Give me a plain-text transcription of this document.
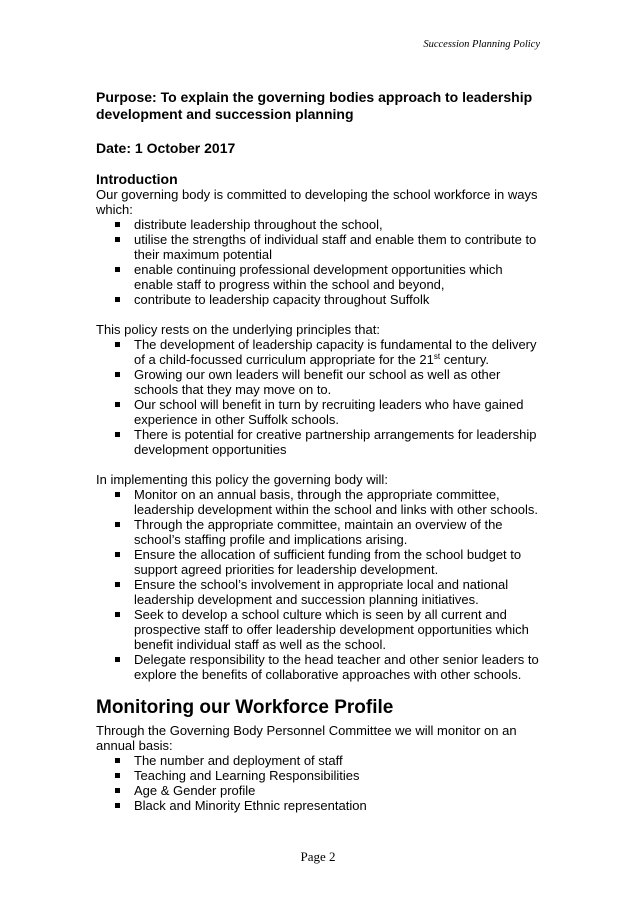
Succession Planning Policy

Purpose: To explain the governing bodies approach to leadership development and succession planning

Date: 1 October 2017

Introduction

Our governing body is committed to developing the school workforce in ways which:

distribute leadership throughout the school,
utilise the strengths of individual staff and enable them to contribute to their maximum potential
enable continuing professional development opportunities which enable staff to progress within the school and beyond,
contribute to leadership capacity throughout Suffolk

This policy rests on the underlying principles that:

The development of leadership capacity is fundamental to the delivery of a child-focussed curriculum appropriate for the 21st century.
Growing our own leaders will benefit our school as well as other schools that they may move on to.
Our school will benefit in turn by recruiting leaders who have gained experience in other Suffolk schools.
There is potential for creative partnership arrangements for leadership development opportunities

In implementing this policy the governing body will:

Monitor on an annual basis, through the appropriate committee, leadership development within the school and links with other schools.
Through the appropriate committee, maintain an overview of the school’s staffing profile and implications arising.
Ensure the allocation of sufficient funding from the school budget to support agreed priorities for leadership development.
Ensure the school’s involvement in appropriate local and national leadership development and succession planning initiatives.
Seek to develop a school culture which is seen by all current and prospective staff to offer leadership development opportunities which benefit individual staff as well as the school.
Delegate responsibility to the head teacher and other senior leaders to explore the benefits of collaborative approaches with other schools.
Monitoring our Workforce Profile

Through the Governing Body Personnel Committee we will monitor on an annual basis:

The number and deployment of staff
Teaching and Learning Responsibilities
Age & Gender profile
Black and Minority Ethnic representation
Page 2
